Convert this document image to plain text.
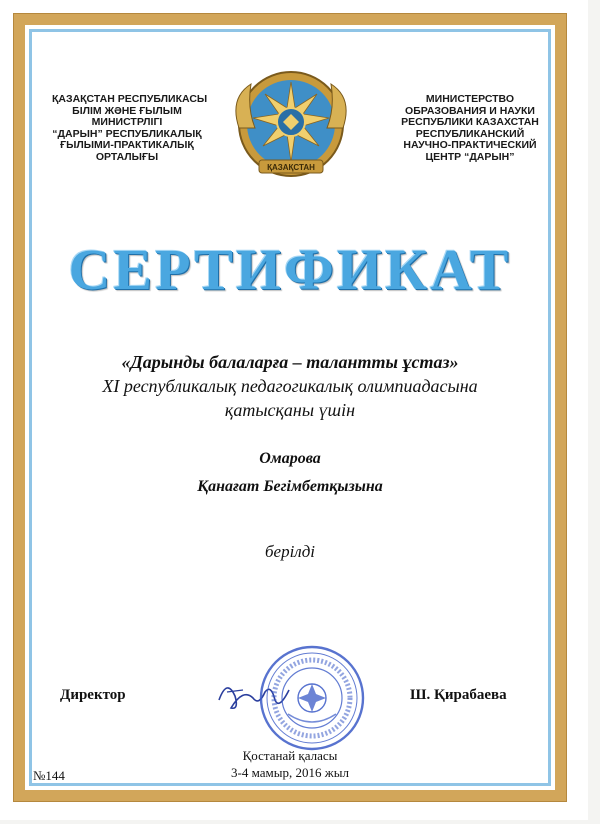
ҚАЗАҚСТАН РЕСПУБЛИКАСЫ
БІЛІМ ЖӘНЕ ҒЫЛЫМ
МИНИСТРЛІГІ
“ДАРЫН” РЕСПУБЛИКАЛЫҚ
ҒЫЛЫМИ-ПРАКТИКАЛЫҚ
ОРТАЛЫҒЫ
ҚАЗАҚСТАН
МИНИСТЕРСТВО
ОБРАЗОВАНИЯ И НАУКИ
РЕСПУБЛИКИ КАЗАХСТАН
РЕСПУБЛИКАНСКИЙ
НАУЧНО-ПРАКТИЧЕСКИЙ
ЦЕНТР “ДАРЫН”
СЕРТИФИКАТ
«Дарынды балаларға – талантты ұстаз»
XI республикалық педагогикалық олимпиадасына
қатысқаны үшін
Омарова
Қанағат Бегімбетқызына
берілді
Директор	Ш. Қирабаева
Қостанай қаласы
3-4 мамыр, 2016 жыл
№144
